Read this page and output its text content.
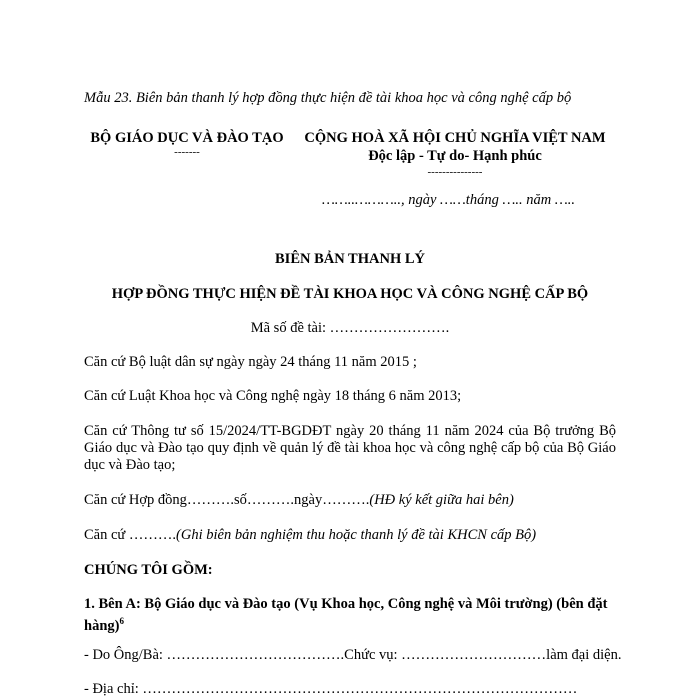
Mẫu 23. Biên bản thanh lý hợp đồng thực hiện đề tài khoa học và công nghệ cấp bộ
BỘ GIÁO DỤC VÀ ĐÀO TẠO
-------
CỘNG HOÀ XÃ HỘI CHỦ NGHĨA VIỆT NAM
Độc lập - Tự do- Hạnh phúc
---------------
……..……….., ngày ……tháng ….. năm …..
BIÊN BẢN THANH LÝ
HỢP ĐỒNG THỰC HIỆN ĐỀ TÀI KHOA HỌC VÀ CÔNG NGHỆ CẤP BỘ
Mã số đề tài: …………………….
Căn cứ Bộ luật dân sự ngày ngày 24 tháng 11 năm 2015 ;
Căn cứ Luật Khoa học và Công nghệ ngày 18 tháng 6 năm 2013;
Căn cứ Thông tư số 15/2024/TT-BGDĐT ngày 20 tháng 11 năm 2024 của Bộ trưởng Bộ Giáo dục và Đào tạo quy định về quản lý đề tài khoa học và công nghệ cấp bộ của Bộ Giáo dục và Đào tạo;
Căn cứ Hợp đồng……….số……….ngày……….(HĐ ký kết giữa hai bên)
Căn cứ ……….(Ghi biên bản nghiệm thu hoặc thanh lý đề tài KHCN cấp Bộ)
CHÚNG TÔI GỒM:
1. Bên A: Bộ Giáo dục và Đào tạo (Vụ Khoa học, Công nghệ và Môi trường) (bên đặt hàng)$^6$
- Do Ông/Bà: ……………………………….Chức vụ: …………………………làm đại diện.
- Địa chỉ: ………………………………………………………………………………
